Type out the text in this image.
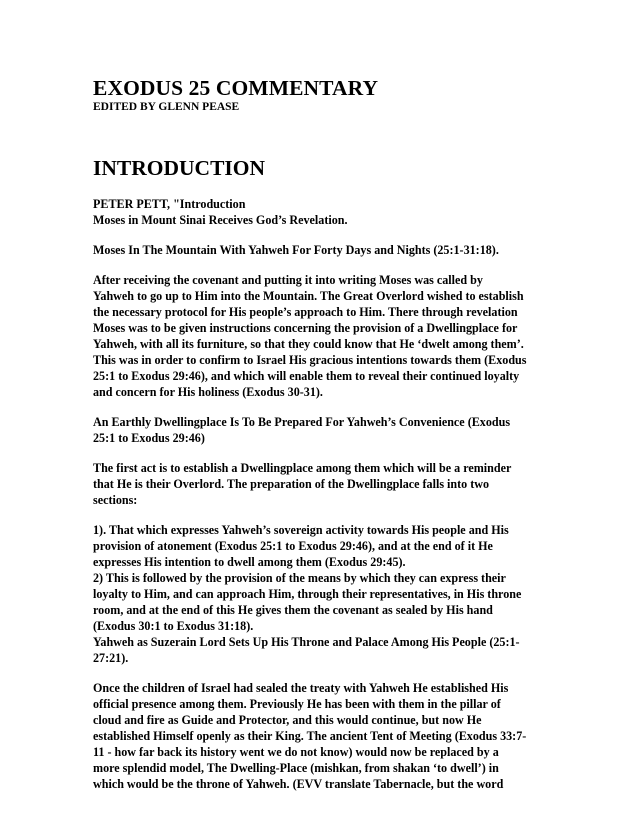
EXODUS 25 COMMENTARY
EDITED BY GLENN PEASE
INTRODUCTION

PETER PETT, "Introduction
Moses in Mount Sinai Receives God’s Revelation.

Moses In The Mountain With Yahweh For Forty Days and Nights (25:1-31:18).

After receiving the covenant and putting it into writing Moses was called by
Yahweh to go up to Him into the Mountain. The Great Overlord wished to establish
the necessary protocol for His people’s approach to Him. There through revelation
Moses was to be given instructions concerning the provision of a Dwellingplace for
Yahweh, with all its furniture, so that they could know that He ‘dwelt among them’.
This was in order to confirm to Israel His gracious intentions towards them (Exodus
25:1 to Exodus 29:46), and which will enable them to reveal their continued loyalty
and concern for His holiness (Exodus 30-31).

An Earthly Dwellingplace Is To Be Prepared For Yahweh’s Convenience (Exodus
25:1 to Exodus 29:46)

The first act is to establish a Dwellingplace among them which will be a reminder
that He is their Overlord. The preparation of the Dwellingplace falls into two
sections:

1). That which expresses Yahweh’s sovereign activity towards His people and His
provision of atonement (Exodus 25:1 to Exodus 29:46), and at the end of it He
expresses His intention to dwell among them (Exodus 29:45).
2) This is followed by the provision of the means by which they can express their
loyalty to Him, and can approach Him, through their representatives, in His throne
room, and at the end of this He gives them the covenant as sealed by His hand
(Exodus 30:1 to Exodus 31:18).
Yahweh as Suzerain Lord Sets Up His Throne and Palace Among His People (25:1-
27:21).

Once the children of Israel had sealed the treaty with Yahweh He established His
official presence among them. Previously He has been with them in the pillar of
cloud and fire as Guide and Protector, and this would continue, but now He
established Himself openly as their King. The ancient Tent of Meeting (Exodus 33:7-
11 - how far back its history went we do not know) would now be replaced by a
more splendid model, The Dwelling-Place (mishkan, from shakan ‘to dwell’) in
which would be the throne of Yahweh. (EVV translate Tabernacle, but the word
